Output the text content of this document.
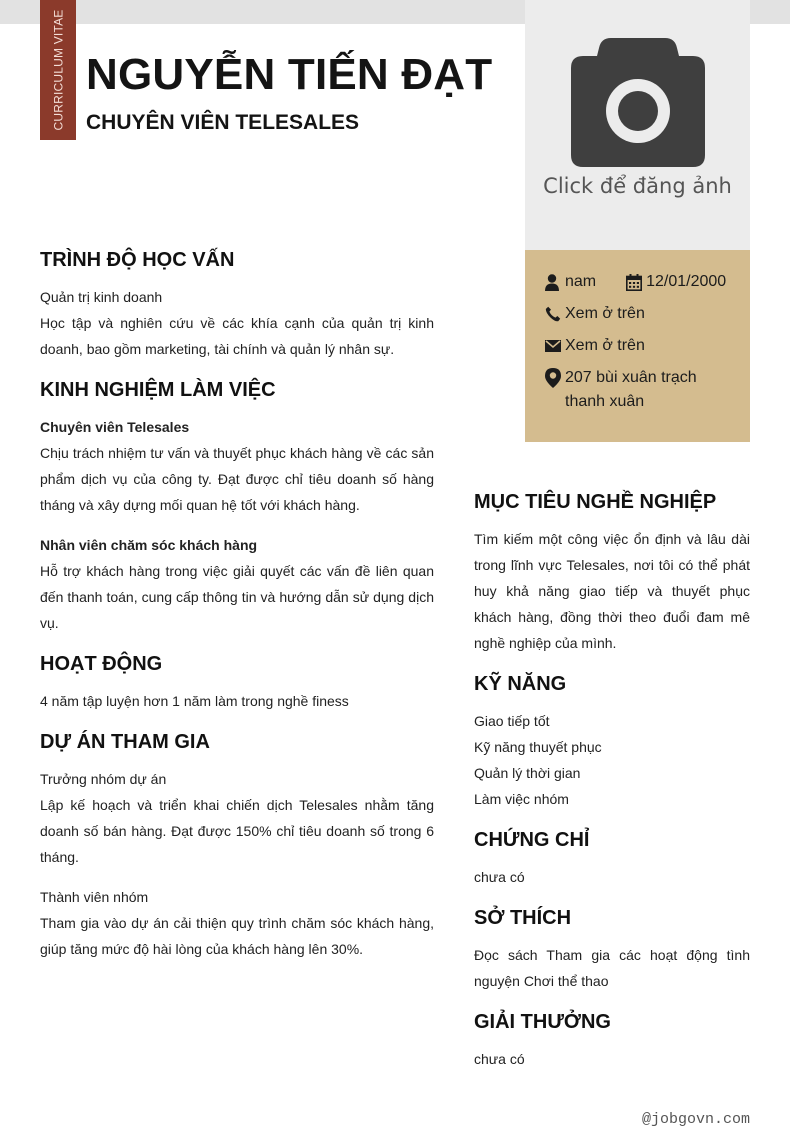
CURRICULUM VITAE NGUYỄN TIẾN ĐẠT
CHUYÊN VIÊN TELESALES
Click để đăng ảnh
nam	12/01/2000
Xem ở trên
Xem ở trên
207 bùi xuân trạch thanh xuân
TRÌNH ĐỘ HỌC VẤN

Quản trị kinh doanh

Học tập và nghiên cứu về các khía cạnh của quản trị kinh doanh, bao gồm marketing, tài chính và quản lý nhân sự.

KINH NGHIỆM LÀM VIỆC

Chuyên viên Telesales

Chịu trách nhiệm tư vấn và thuyết phục khách hàng về các sản phẩm dịch vụ của công ty. Đạt được chỉ tiêu doanh số hàng tháng và xây dựng mối quan hệ tốt với khách hàng.

Nhân viên chăm sóc khách hàng

Hỗ trợ khách hàng trong việc giải quyết các vấn đề liên quan đến thanh toán, cung cấp thông tin và hướng dẫn sử dụng dịch vụ.

HOẠT ĐỘNG

4 năm tập luyện hơn 1 năm làm trong nghề finess

DỰ ÁN THAM GIA

Trưởng nhóm dự án

Lập kế hoạch và triển khai chiến dịch Telesales nhằm tăng doanh số bán hàng. Đạt được 150% chỉ tiêu doanh số trong 6 tháng.

Thành viên nhóm

Tham gia vào dự án cải thiện quy trình chăm sóc khách hàng, giúp tăng mức độ hài lòng của khách hàng lên 30%.

MỤC TIÊU NGHỀ NGHIỆP

Tìm kiếm một công việc ổn định và lâu dài trong lĩnh vực Telesales, nơi tôi có thể phát huy khả năng giao tiếp và thuyết phục khách hàng, đồng thời theo đuổi đam mê nghề nghiệp của mình.

KỸ NĂNG

Giao tiếp tốt

Kỹ năng thuyết phục

Quản lý thời gian

Làm việc nhóm

CHỨNG CHỈ

chưa có

SỞ THÍCH

Đọc sách Tham gia các hoạt động tình nguyện Chơi thể thao

GIẢI THƯỞNG

chưa có

@jobgovn.com
